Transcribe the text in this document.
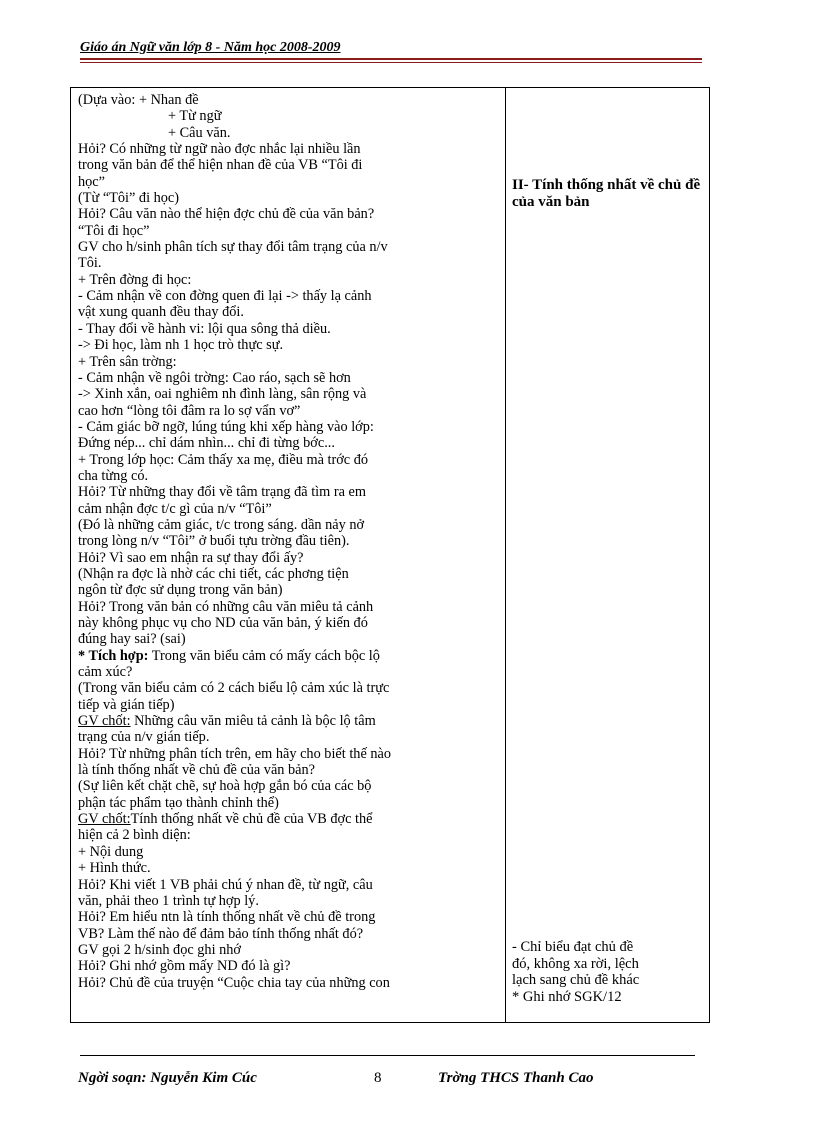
Giáo án Ngữ văn lớp 8 - Năm học 2008-2009
(Dựa vào: + Nhan đề
+ Từ ngữ
+ Câu văn.
Hỏi? Có những từ ngữ nào đợc nhắc lại nhiều lần
trong văn bản để thể hiện nhan đề của VB “Tôi đi
học”
(Từ “Tôi” đi học)
Hỏi? Câu văn nào thể hiện đợc chủ đề của văn bản?
“Tôi đi học”
GV cho h/sinh phân tích sự thay đổi tâm trạng của n/v
Tôi.
+ Trên đờng đi học:
- Cảm nhận về con đờng quen đi lại -> thấy lạ cảnh
vật xung quanh đều thay đổi.
- Thay đổi về hành vi: lội qua sông thả diều.
-> Đi học, làm nh 1 học trò thực sự.
+ Trên sân trờng:
- Cảm nhận về ngôi trờng: Cao ráo, sạch sẽ hơn
-> Xinh xắn, oai nghiêm nh đình làng, sân rộng và
cao hơn “lòng tôi đâm ra lo sợ vẩn vơ”
- Cảm giác bỡ ngỡ, lúng túng khi xếp hàng vào lớp:
Đứng nép... chỉ dám nhìn... chỉ đi từng bớc...
+ Trong lớp học: Cảm thấy xa mẹ, điều mà trớc đó
cha từng có.
Hỏi? Từ những thay đổi về tâm trạng đã tìm ra em
cảm nhận đợc t/c gì của n/v “Tôi”
(Đó là những cảm giác, t/c trong sáng. dần nảy nở
trong lòng n/v “Tôi” ở buổi tựu trờng đầu tiên).
Hỏi? Vì sao em nhận ra sự thay đổi ấy?
(Nhận ra đợc là nhờ các chi tiết, các phơng tiện
ngôn từ đợc sử dụng trong văn bản)
Hỏi? Trong văn bản có những câu văn miêu tả cảnh
này không phục vụ cho ND của văn bản, ý kiến đó
đúng hay sai? (sai)
* Tích hợp: Trong văn biểu cảm có mấy cách bộc lộ
cảm xúc?
(Trong văn biểu cảm có 2 cách biểu lộ cảm xúc là trực
tiếp và gián tiếp)
GV chốt: Những câu văn miêu tả cảnh là bộc lộ tâm
trạng của n/v gián tiếp.
Hỏi? Từ những phân tích trên, em hãy cho biết thế nào
là tính thống nhất về chủ đề của văn bản?
(Sự liên kết chặt chẽ, sự hoà hợp gắn bó của các bộ
phận tác phẩm tạo thành chỉnh thể)
GV chốt:Tính thống nhất về chủ đề của VB đợc thể
hiện cả 2 bình diện:
+ Nội dung
+ Hình thức.
Hỏi? Khi viết 1 VB phải chú ý nhan đề, từ ngữ, câu
văn, phải theo 1 trình tự hợp lý.
Hỏi? Em hiểu ntn là tính thống nhất về chủ đề trong
VB? Làm thế nào để đảm bảo tính thống nhất đó?
GV gọi 2 h/sinh đọc ghi nhớ
Hỏi? Ghi nhớ gồm mấy ND đó là gì?
Hỏi? Chủ đề của truyện “Cuộc chia tay của những con
II- Tính thống nhất về chủ đề của văn bản
- Chỉ biểu đạt chủ đề
đó, không xa rời, lệch
lạch sang chủ đề khác
* Ghi nhớ SGK/12
Ngời soạn: Nguyễn Kim Cúc	8	Trờng THCS Thanh Cao
